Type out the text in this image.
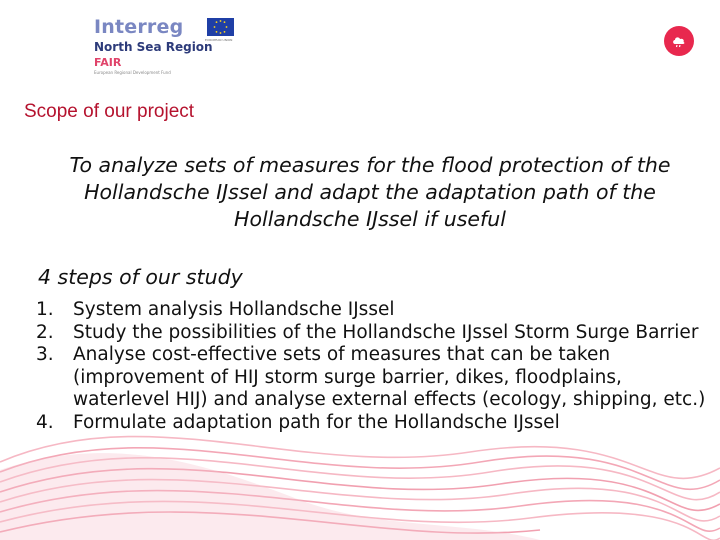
Interreg
EUROPEAN UNION
North Sea Region
FAIR
European Regional Development Fund
Scope of our project
To analyze sets of measures for the flood protection of the Hollandsche IJssel and adapt the adaptation path of the Hollandsche IJssel if useful
4 steps of our study
1. System analysis Hollandsche IJssel
2. Study the possibilities of the Hollandsche IJssel Storm Surge Barrier
3. Analyse cost-effective sets of measures that can be taken (improvement of HIJ storm surge barrier, dikes, floodplains, waterlevel HIJ) and analyse external effects (ecology, shipping, etc.)
4. Formulate adaptation path for the Hollandsche IJssel
